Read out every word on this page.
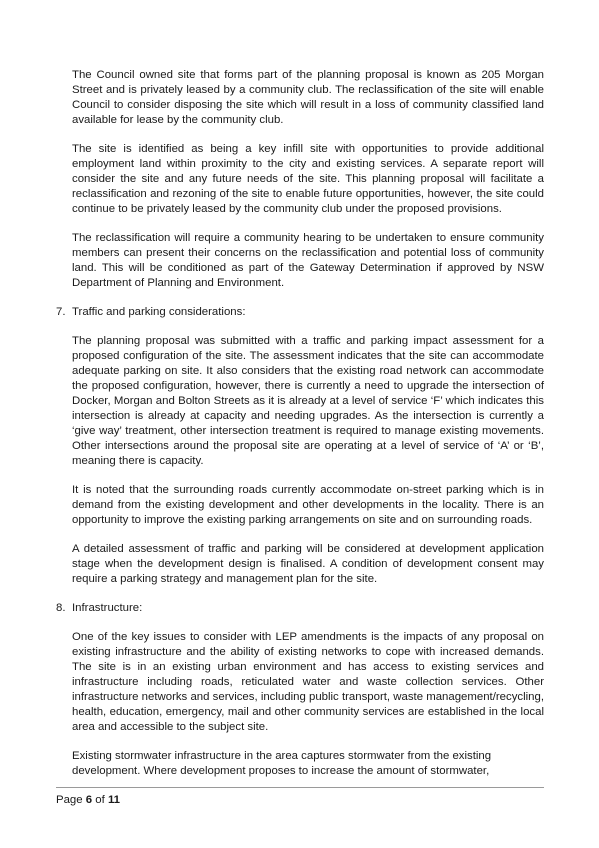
The Council owned site that forms part of the planning proposal is known as 205 Morgan Street and is privately leased by a community club. The reclassification of the site will enable Council to consider disposing the site which will result in a loss of community classified land available for lease by the community club.

The site is identified as being a key infill site with opportunities to provide additional employment land within proximity to the city and existing services. A separate report will consider the site and any future needs of the site. This planning proposal will facilitate a reclassification and rezoning of the site to enable future opportunities, however, the site could continue to be privately leased by the community club under the proposed provisions.

The reclassification will require a community hearing to be undertaken to ensure community members can present their concerns on the reclassification and potential loss of community land. This will be conditioned as part of the Gateway Determination if approved by NSW Department of Planning and Environment.

7. Traffic and parking considerations:

The planning proposal was submitted with a traffic and parking impact assessment for a proposed configuration of the site. The assessment indicates that the site can accommodate adequate parking on site. It also considers that the existing road network can accommodate the proposed configuration, however, there is currently a need to upgrade the intersection of Docker, Morgan and Bolton Streets as it is already at a level of service ‘F’ which indicates this intersection is already at capacity and needing upgrades. As the intersection is currently a ‘give way’ treatment, other intersection treatment is required to manage existing movements. Other intersections around the proposal site are operating at a level of service of ‘A’ or ‘B’, meaning there is capacity.

It is noted that the surrounding roads currently accommodate on-street parking which is in demand from the existing development and other developments in the locality. There is an opportunity to improve the existing parking arrangements on site and on surrounding roads.

A detailed assessment of traffic and parking will be considered at development application stage when the development design is finalised. A condition of development consent may require a parking strategy and management plan for the site.

8. Infrastructure:

One of the key issues to consider with LEP amendments is the impacts of any proposal on existing infrastructure and the ability of existing networks to cope with increased demands. The site is in an existing urban environment and has access to existing services and infrastructure including roads, reticulated water and waste collection services. Other infrastructure networks and services, including public transport, waste management/recycling, health, education, emergency, mail and other community services are established in the local area and accessible to the subject site.

Existing stormwater infrastructure in the area captures stormwater from the existing development. Where development proposes to increase the amount of stormwater,

Page 6 of 11
